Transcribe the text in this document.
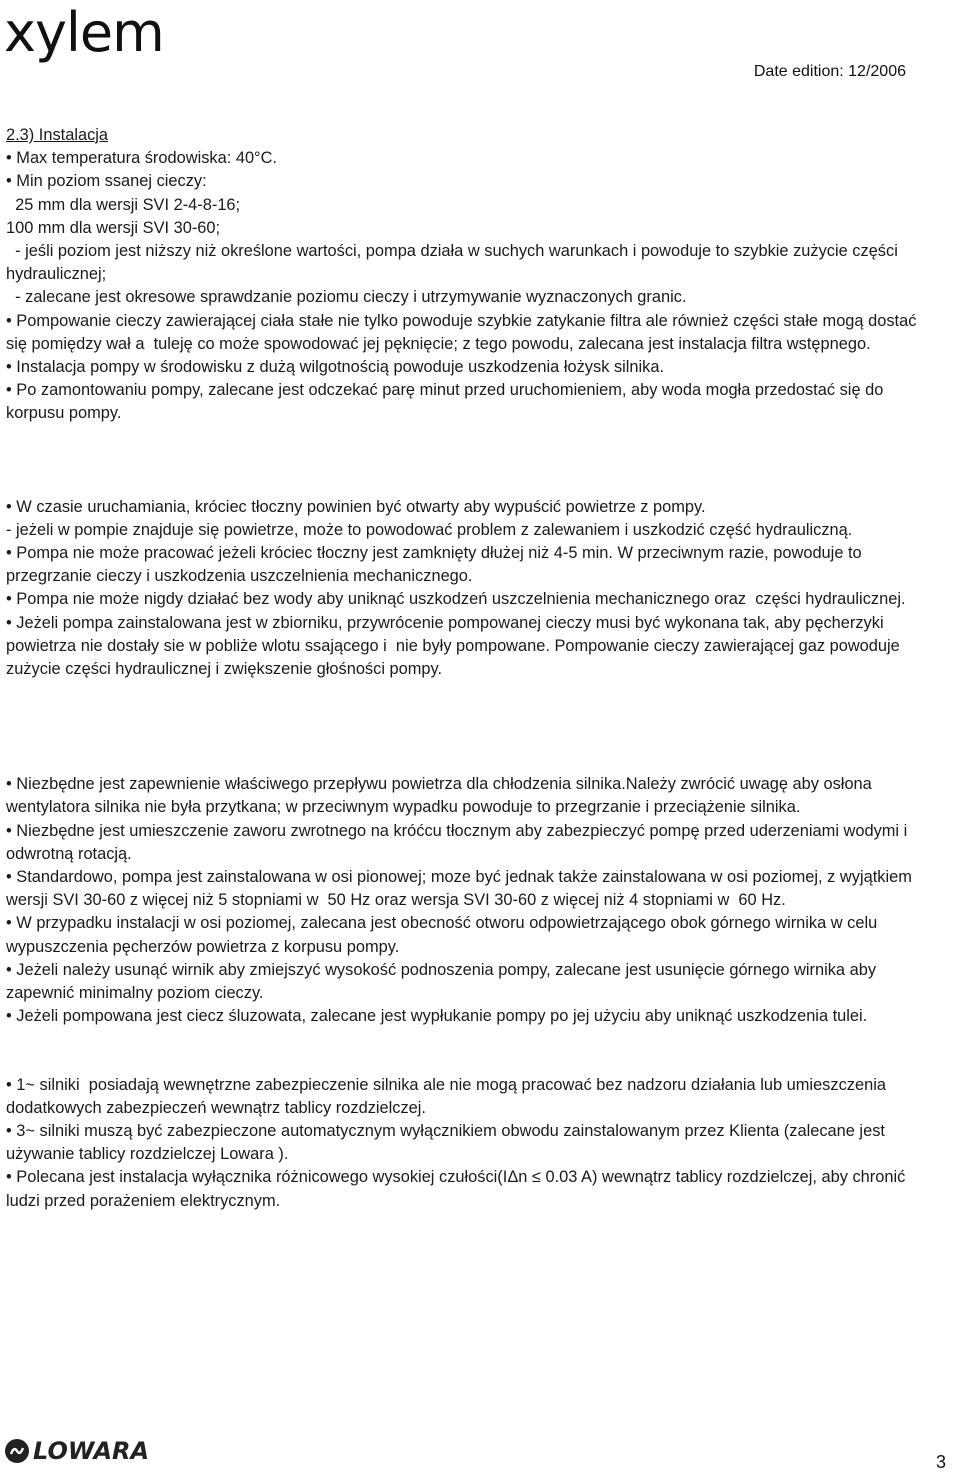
xylem
Date edition: 12/2006
2.3) Instalacja
• Max temperatura środowiska: 40°C.
• Min poziom ssanej cieczy:
25 mm dla wersji SVI 2-4-8-16;
100 mm dla wersji SVI 30-60;
- jeśli poziom jest niższy niż określone wartości, pompa działa w suchych warunkach i powoduje to szybkie zużycie części hydraulicznej;
- zalecane jest okresowe sprawdzanie poziomu cieczy i utrzymywanie wyznaczonych granic.
• Pompowanie cieczy zawierającej ciała stałe nie tylko powoduje szybkie zatykanie filtra ale również części stałe mogą dostać się pomiędzy wał a  tuleję co może spowodować jej pęknięcie; z tego powodu, zalecana jest instalacja filtra wstępnego.
• Instalacja pompy w środowisku z dużą wilgotnością powoduje uszkodzenia łożysk silnika.
• Po zamontowaniu pompy, zalecane jest odczekać parę minut przed uruchomieniem, aby woda mogła przedostać się do korpusu pompy.
• W czasie uruchamiania, króciec tłoczny powinien być otwarty aby wypuścić powietrze z pompy.
- jeżeli w pompie znajduje się powietrze, może to powodować problem z zalewaniem i uszkodzić część hydrauliczną.
• Pompa nie może pracować jeżeli króciec tłoczny jest zamknięty dłużej niż 4-5 min. W przeciwnym razie, powoduje to przegrzanie cieczy i uszkodzenia uszczelnienia mechanicznego.
• Pompa nie może nigdy działać bez wody aby uniknąć uszkodzeń uszczelnienia mechanicznego oraz  części hydraulicznej.
• Jeżeli pompa zainstalowana jest w zbiorniku, przywrócenie pompowanej cieczy musi być wykonana tak, aby pęcherzyki powietrza nie dostały sie w pobliże wlotu ssającego i  nie były pompowane. Pompowanie cieczy zawierającej gaz powoduje zużycie części hydraulicznej i zwiększenie głośności pompy.
• Niezbędne jest zapewnienie właściwego przepływu powietrza dla chłodzenia silnika.Należy zwrócić uwagę aby osłona wentylatora silnika nie była przytkana; w przeciwnym wypadku powoduje to przegrzanie i przeciążenie silnika.
• Niezbędne jest umieszczenie zaworu zwrotnego na króćcu tłocznym aby zabezpieczyć pompę przed uderzeniami wodymi i odwrotną rotacją.
• Standardowo, pompa jest zainstalowana w osi pionowej; moze być jednak także zainstalowana w osi poziomej, z wyjątkiem wersji SVI 30-60 z więcej niż 5 stopniami w  50 Hz oraz wersja SVI 30-60 z więcej niż 4 stopniami w  60 Hz.
• W przypadku instalacji w osi poziomej, zalecana jest obecność otworu odpowietrzającego obok górnego wirnika w celu wypuszczenia pęcherzów powietrza z korpusu pompy.
• Jeżeli należy usunąć wirnik aby zmiejszyć wysokość podnoszenia pompy, zalecane jest usunięcie górnego wirnika aby zapewnić minimalny poziom cieczy.
• Jeżeli pompowana jest ciecz śluzowata, zalecane jest wypłukanie pompy po jej użyciu aby uniknąć uszkodzenia tulei.
• 1~ silniki  posiadają wewnętrzne zabezpieczenie silnika ale nie mogą pracować bez nadzoru działania lub umieszczenia dodatkowych zabezpieczeń wewnątrz tablicy rozdzielczej.
• 3~ silniki muszą być zabezpieczone automatycznym wyłącznikiem obwodu zainstalowanym przez Klienta (zalecane jest używanie tablicy rozdzielczej Lowara ).
• Polecana jest instalacja wyłącznika różnicowego wysokiej czułości(IΔn ≤ 0.03 A) wewnątrz tablicy rozdzielczej, aby chronić ludzi przed porażeniem elektrycznym.
LOWARA	3
